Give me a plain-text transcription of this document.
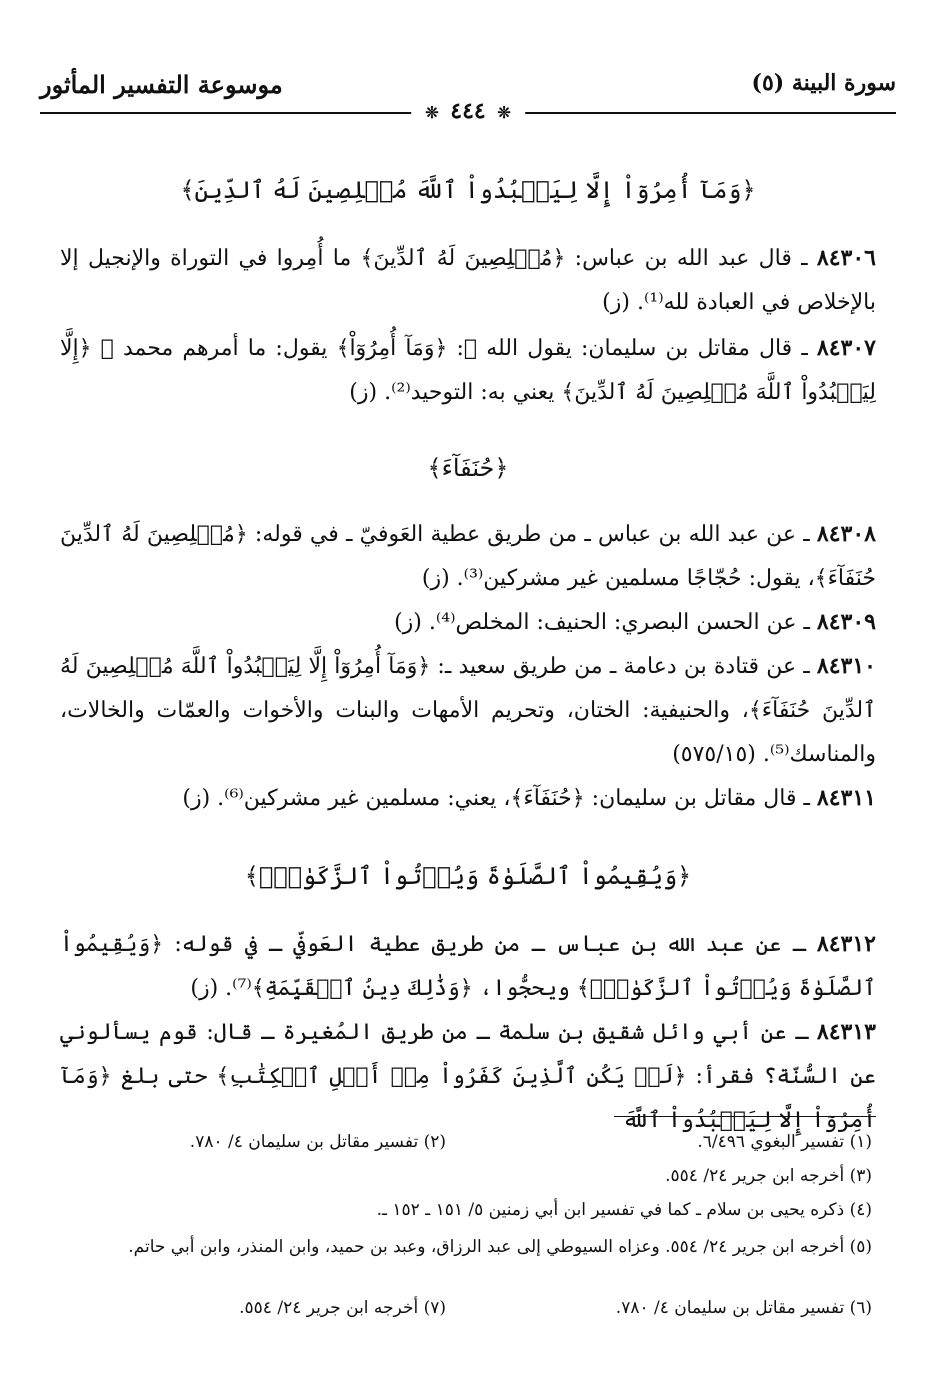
سورة البينة (٥)
موسوعة التفسير المأثور
❊ ٤٤٤ ❊
﴿وَمَآ أُمِرُوٓاْ إِلَّا لِيَعۡبُدُواْ ٱللَّهَ مُخۡلِصِينَ لَهُ ٱلدِّينَ﴾

٨٤٣٠٦ ـ قال عبد الله بن عباس: ﴿مُخۡلِصِينَ لَهُ ٱلدِّينَ﴾ ما أُمِروا في التوراة والإنجيل إلا بالإخلاص في العبادة لله⁽¹⁾. (ز)

٨٤٣٠٧ ـ قال مقاتل بن سليمان: يقول الله ﷻ: ﴿وَمَآ أُمِرُوٓاْ﴾ يقول: ما أمرهم محمد ﷺ ﴿إِلَّا لِيَعۡبُدُواْ ٱللَّهَ مُخۡلِصِينَ لَهُ ٱلدِّينَ﴾ يعني به: التوحيد⁽²⁾. (ز)

﴿حُنَفَآءَ﴾

٨٤٣٠٨ ـ عن عبد الله بن عباس ـ من طريق عطية العَوفيّ ـ في قوله: ﴿مُخۡلِصِينَ لَهُ ٱلدِّينَ حُنَفَآءَ﴾، يقول: حُجّاجًا مسلمين غير مشركين⁽³⁾. (ز)

٨٤٣٠٩ ـ عن الحسن البصري: الحنيف: المخلص⁽⁴⁾. (ز)

٨٤٣١٠ ـ عن قتادة بن دعامة ـ من طريق سعيد ـ: ﴿وَمَآ أُمِرُوٓاْ إِلَّا لِيَعۡبُدُواْ ٱللَّهَ مُخۡلِصِينَ لَهُ ٱلدِّينَ حُنَفَآءَ﴾، والحنيفية: الختان، وتحريم الأمهات والبنات والأخوات والعمّات والخالات، والمناسك⁽⁵⁾. (٥٧٥/١٥)

٨٤٣١١ ـ قال مقاتل بن سليمان: ﴿حُنَفَآءَ﴾، يعني: مسلمين غير مشركين⁽⁶⁾. (ز)

﴿وَيُقِيمُواْ ٱلصَّلَوٰةَ وَيُؤۡتُواْ ٱلزَّكَوٰةَۚ﴾

٨٤٣١٢ ـ عن عبد الله بن عباس ـ من طريق عطية العَوفيّ ـ في قوله: ﴿وَيُقِيمُواْ ٱلصَّلَوٰةَ وَيُؤۡتُواْ ٱلزَّكَوٰةَۚ﴾ ويحجُّوا، ﴿وَذَٰلِكَ دِينُ ٱلۡقَيِّمَةِ﴾⁽⁷⁾. (ز)

٨٤٣١٣ ـ عن أبي وائل شقيق بن سلمة ـ من طريق المُغيرة ـ قال: قوم يسألوني عن السُّنّة؟ فقرأ: ﴿لَمۡ يَكُنِ ٱلَّذِينَ كَفَرُواْ مِنۡ أَهۡلِ ٱلۡكِتَٰبِ﴾ حتى بلغ ﴿وَمَآ أُمِرُوٓاْ إِلَّا لِيَعۡبُدُواْ ٱللَّهَ

(١) تفسير البغوي ٦/٤٩٦.
(٢) تفسير مقاتل بن سليمان ٤/ ٧٨٠.
(٣) أخرجه ابن جرير ٢٤/ ٥٥٤.
(٤) ذكره يحيى بن سلام ـ كما في تفسير ابن أبي زمنين ٥/ ١٥١ ـ ١٥٢ ـ.
(٥) أخرجه ابن جرير ٢٤/ ٥٥٤. وعزاه السيوطي إلى عبد الرزاق، وعبد بن حميد، وابن المنذر، وابن أبي حاتم.
(٦) تفسير مقاتل بن سليمان ٤/ ٧٨٠.
(٧) أخرجه ابن جرير ٢٤/ ٥٥٤.
